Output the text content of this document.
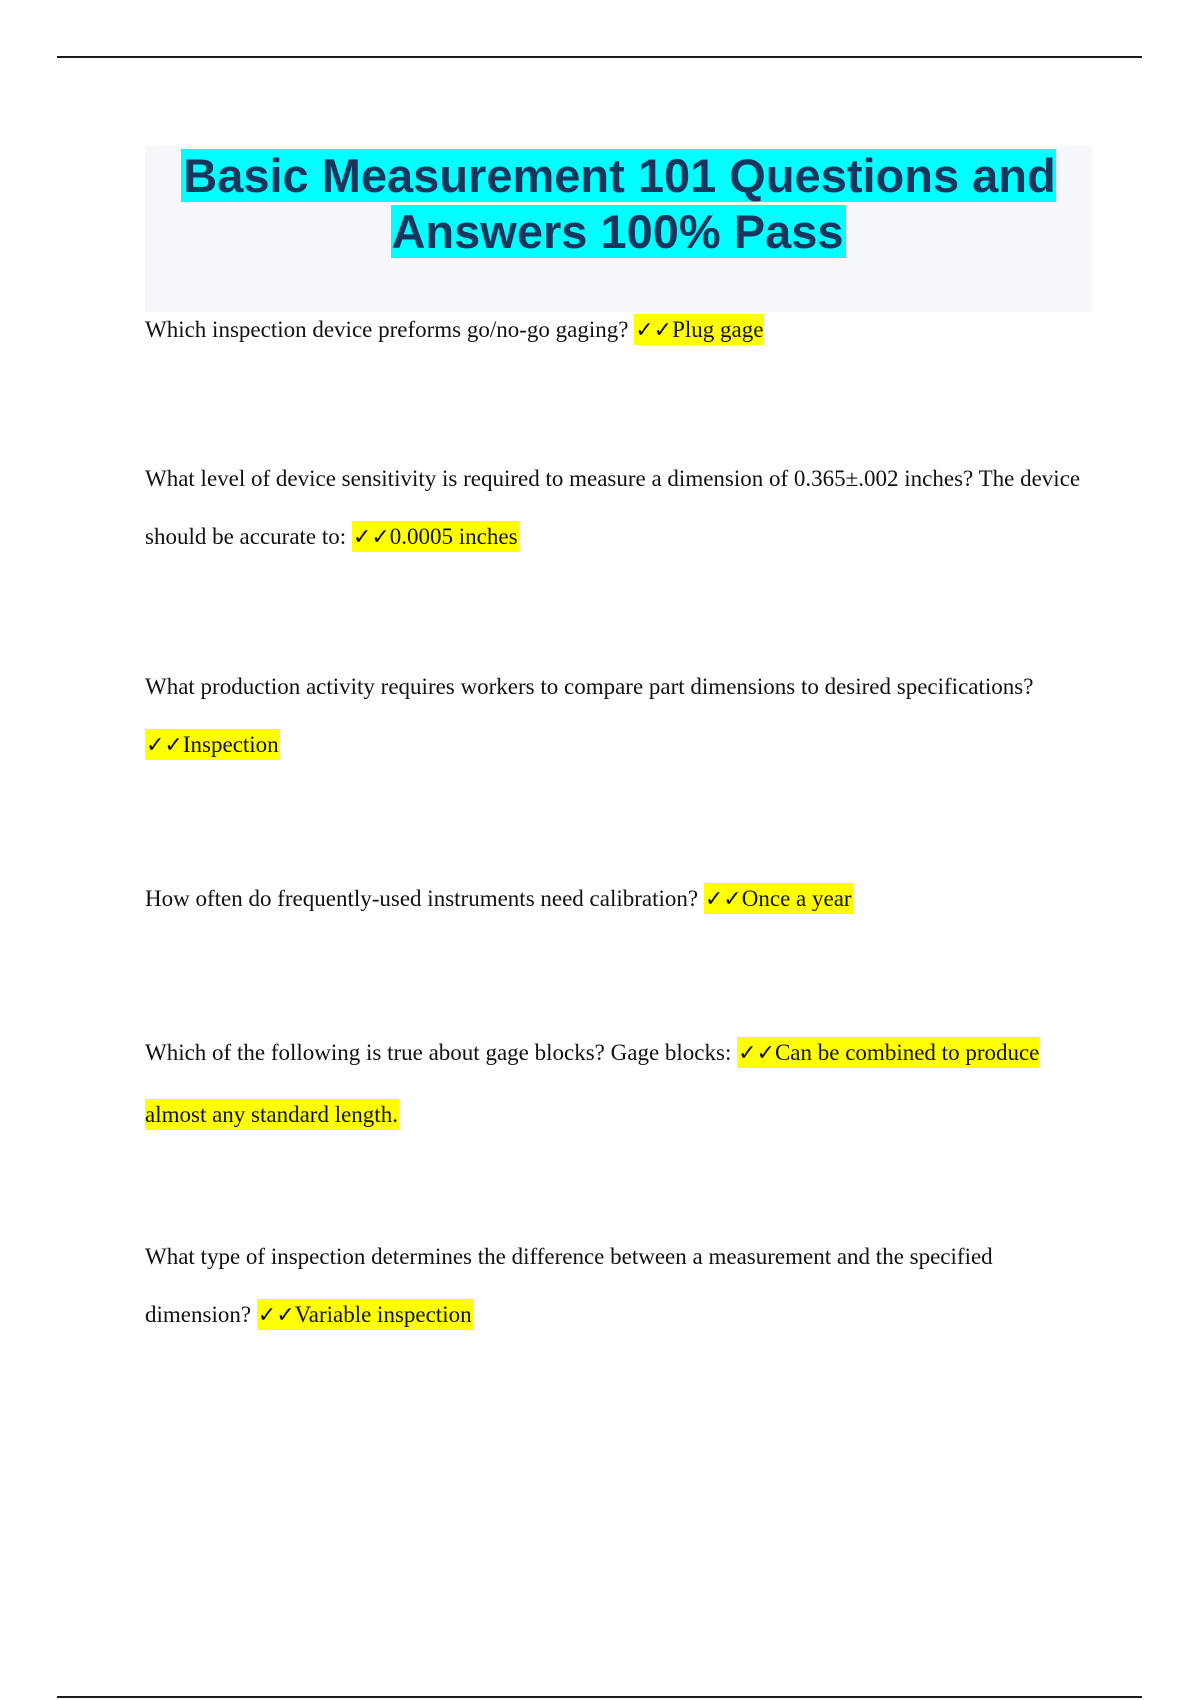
Basic Measurement 101 Questions and Answers 100% Pass

Which inspection device preforms go/no-go gaging? ✓✓Plug gage

What level of device sensitivity is required to measure a dimension of 0.365±.002 inches? The device should be accurate to: ✓✓0.0005 inches

What production activity requires workers to compare part dimensions to desired specifications? ✓✓Inspection

How often do frequently-used instruments need calibration? ✓✓Once a year

Which of the following is true about gage blocks? Gage blocks: ✓✓Can be combined to produce almost any standard length.

What type of inspection determines the difference between a measurement and the specified dimension? ✓✓Variable inspection
